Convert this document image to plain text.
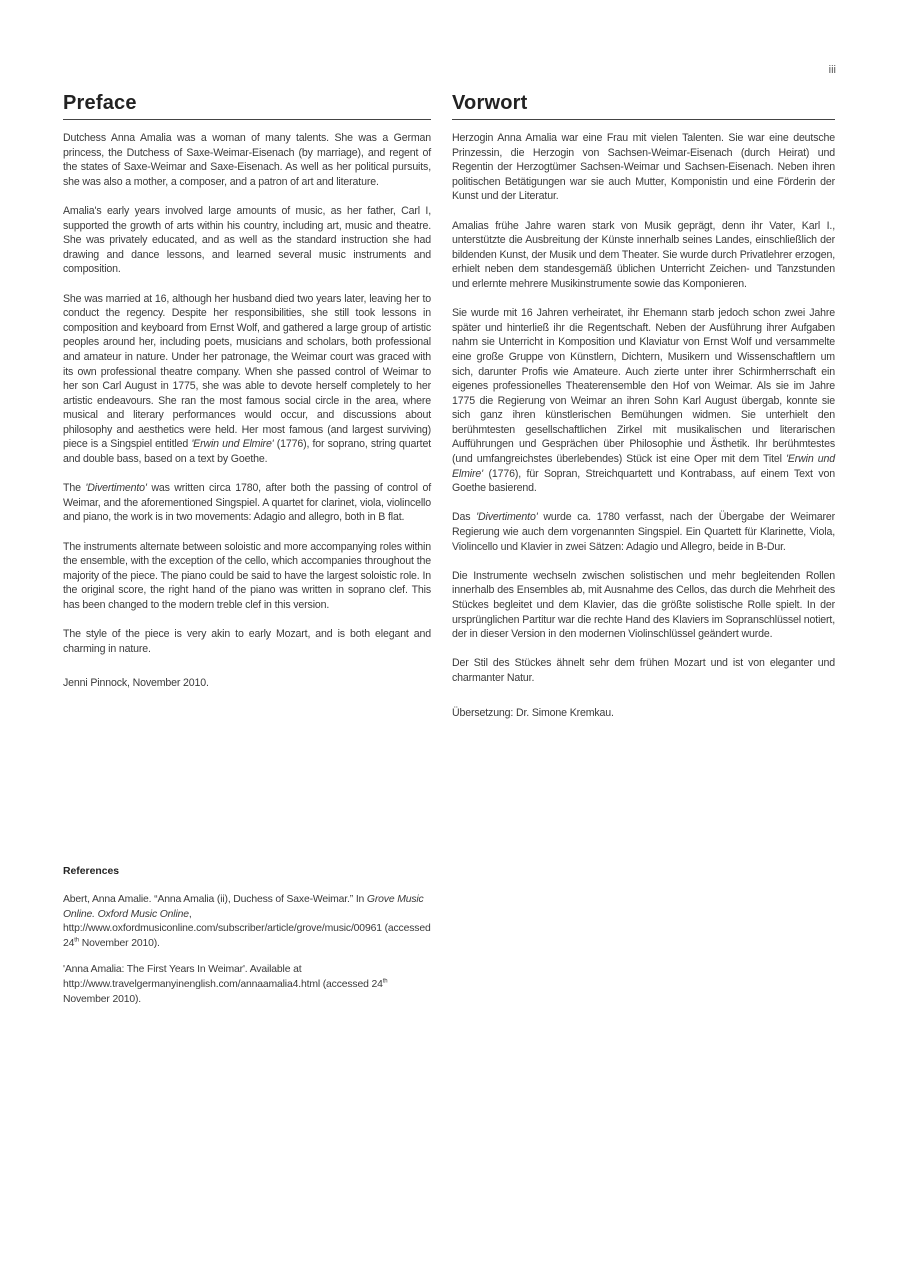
iii
Preface

Dutchess Anna Amalia was a woman of many talents. She was a German princess, the Dutchess of Saxe-Weimar-Eisenach (by marriage), and regent of the states of Saxe-Weimar and Saxe-Eisenach. As well as her political pursuits, she was also a mother, a composer, and a patron of art and literature.

Amalia's early years involved large amounts of music, as her father, Carl I, supported the growth of arts within his country, including art, music and theatre. She was privately educated, and as well as the standard instruction she had drawing and dance lessons, and learned several music instruments and composition.

She was married at 16, although her husband died two years later, leaving her to conduct the regency. Despite her responsibilities, she still took lessons in composition and keyboard from Ernst Wolf, and gathered a large group of artistic peoples around her, including poets, musicians and scholars, both professional and amateur in nature. Under her patronage, the Weimar court was graced with its own professional theatre company. When she passed control of Weimar to her son Carl August in 1775, she was able to devote herself completely to her artistic endeavours. She ran the most famous social circle in the area, where musical and literary performances would occur, and discussions about philosophy and aesthetics were held. Her most famous (and largest surviving) piece is a Singspiel entitled 'Erwin und Elmire' (1776), for soprano, string quartet and double bass, based on a text by Goethe.

The 'Divertimento' was written circa 1780, after both the passing of control of Weimar, and the aforementioned Singspiel. A quartet for clarinet, viola, violincello and piano, the work is in two movements: Adagio and allegro, both in B flat.

The instruments alternate between soloistic and more accompanying roles within the ensemble, with the exception of the cello, which accompanies throughout the majority of the piece. The piano could be said to have the largest soloistic role. In the original score, the right hand of the piano was written in soprano clef. This has been changed to the modern treble clef in this version.

The style of the piece is very akin to early Mozart, and is both elegant and charming in nature.

Jenni Pinnock, November 2010.

Vorwort

Herzogin Anna Amalia war eine Frau mit vielen Talenten. Sie war eine deutsche Prinzessin, die Herzogin von Sachsen-Weimar-Eisenach (durch Heirat) und Regentin der Herzogtümer Sachsen-Weimar und Sachsen-Eisenach. Neben ihren politischen Betätigungen war sie auch Mutter, Komponistin und eine Förderin der Kunst und der Literatur.

Amalias frühe Jahre waren stark von Musik geprägt, denn ihr Vater, Karl I., unterstützte die Ausbreitung der Künste innerhalb seines Landes, einschließlich der bildenden Kunst, der Musik und dem Theater. Sie wurde durch Privatlehrer erzogen, erhielt neben dem standesgemäß üblichen Unterricht Zeichen- und Tanzstunden und erlernte mehrere Musikinstrumente sowie das Komponieren.

Sie wurde mit 16 Jahren verheiratet, ihr Ehemann starb jedoch schon zwei Jahre später und hinterließ ihr die Regentschaft. Neben der Ausführung ihrer Aufgaben nahm sie Unterricht in Komposition und Klaviatur von Ernst Wolf und versammelte eine große Gruppe von Künstlern, Dichtern, Musikern und Wissenschaftlern um sich, darunter Profis wie Amateure. Auch zierte unter ihrer Schirmherrschaft ein eigenes professionelles Theaterensemble den Hof von Weimar. Als sie im Jahre 1775 die Regierung von Weimar an ihren Sohn Karl August übergab, konnte sie sich ganz ihren künstlerischen Bemühungen widmen. Sie unterhielt den berühmtesten gesellschaftlichen Zirkel mit musikalischen und literarischen Aufführungen und Gesprächen über Philosophie und Ästhetik. Ihr berühmtestes (und umfangreichstes überlebendes) Stück ist eine Oper mit dem Titel 'Erwin und Elmire' (1776), für Sopran, Streichquartett und Kontrabass, auf einem Text von Goethe basierend.

Das 'Divertimento' wurde ca. 1780 verfasst, nach der Übergabe der Weimarer Regierung wie auch dem vorgenannten Singspiel. Ein Quartett für Klarinette, Viola, Violincello und Klavier in zwei Sätzen: Adagio und Allegro, beide in B-Dur.

Die Instrumente wechseln zwischen solistischen und mehr begleitenden Rollen innerhalb des Ensembles ab, mit Ausnahme des Cellos, das durch die Mehrheit des Stückes begleitet und dem Klavier, das die größte solistische Rolle spielt. In der ursprünglichen Partitur war die rechte Hand des Klaviers im Sopranschlüssel notiert, der in dieser Version in den modernen Violinschlüssel geändert wurde.

Der Stil des Stückes ähnelt sehr dem frühen Mozart und ist von eleganter und charmanter Natur.

Übersetzung: Dr. Simone Kremkau.

References

Abert, Anna Amalie. “Anna Amalia (ii), Duchess of Saxe-Weimar.” In Grove Music Online. Oxford Music Online, http://www.oxfordmusiconline.com/subscriber/article/grove/music/00961 (accessed 24th November 2010).

'Anna Amalia: The First Years In Weimar'. Available at http://www.travelgermanyinenglish.com/annaamalia4.html (accessed 24th November 2010).
